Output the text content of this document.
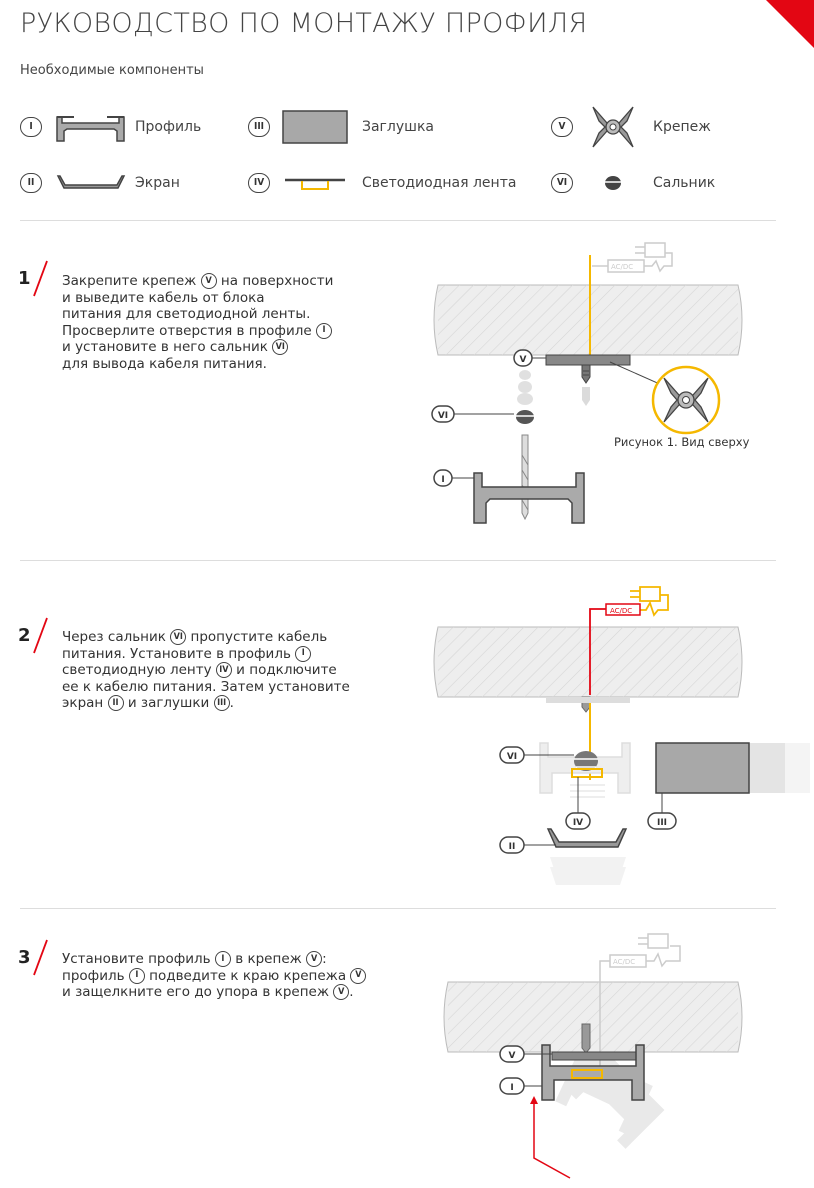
РУКОВОДСТВО ПО МОНТАЖУ ПРОФИЛЯ
Необходимые компоненты
I	Профиль
II	Экран
III	Заглушка
IV	Светодиодная лента
V	Крепеж
VI	Сальник
1
2
3
Закрепите крепеж V на поверхности
и выведите кабель от блока
питания для светодиодной ленты.
Просверлите отверстия в профиле I
и установите в него сальник VI
для вывода кабеля питания.
Через сальник VI пропустите кабель
питания. Установите в профиль I
светодиодную ленту IV и подключите
ее к кабелю питания. Затем установите
экран II и заглушки III .
Установите профиль I в крепеж V :
профиль I подведите к краю крепежа V
и защелкните его до упора в крепеж V .
AC/DC
V
VI
I
Рисунок 1. Вид сверху
AC/DC
VI
IV	III
II
AC/DC
V
I
